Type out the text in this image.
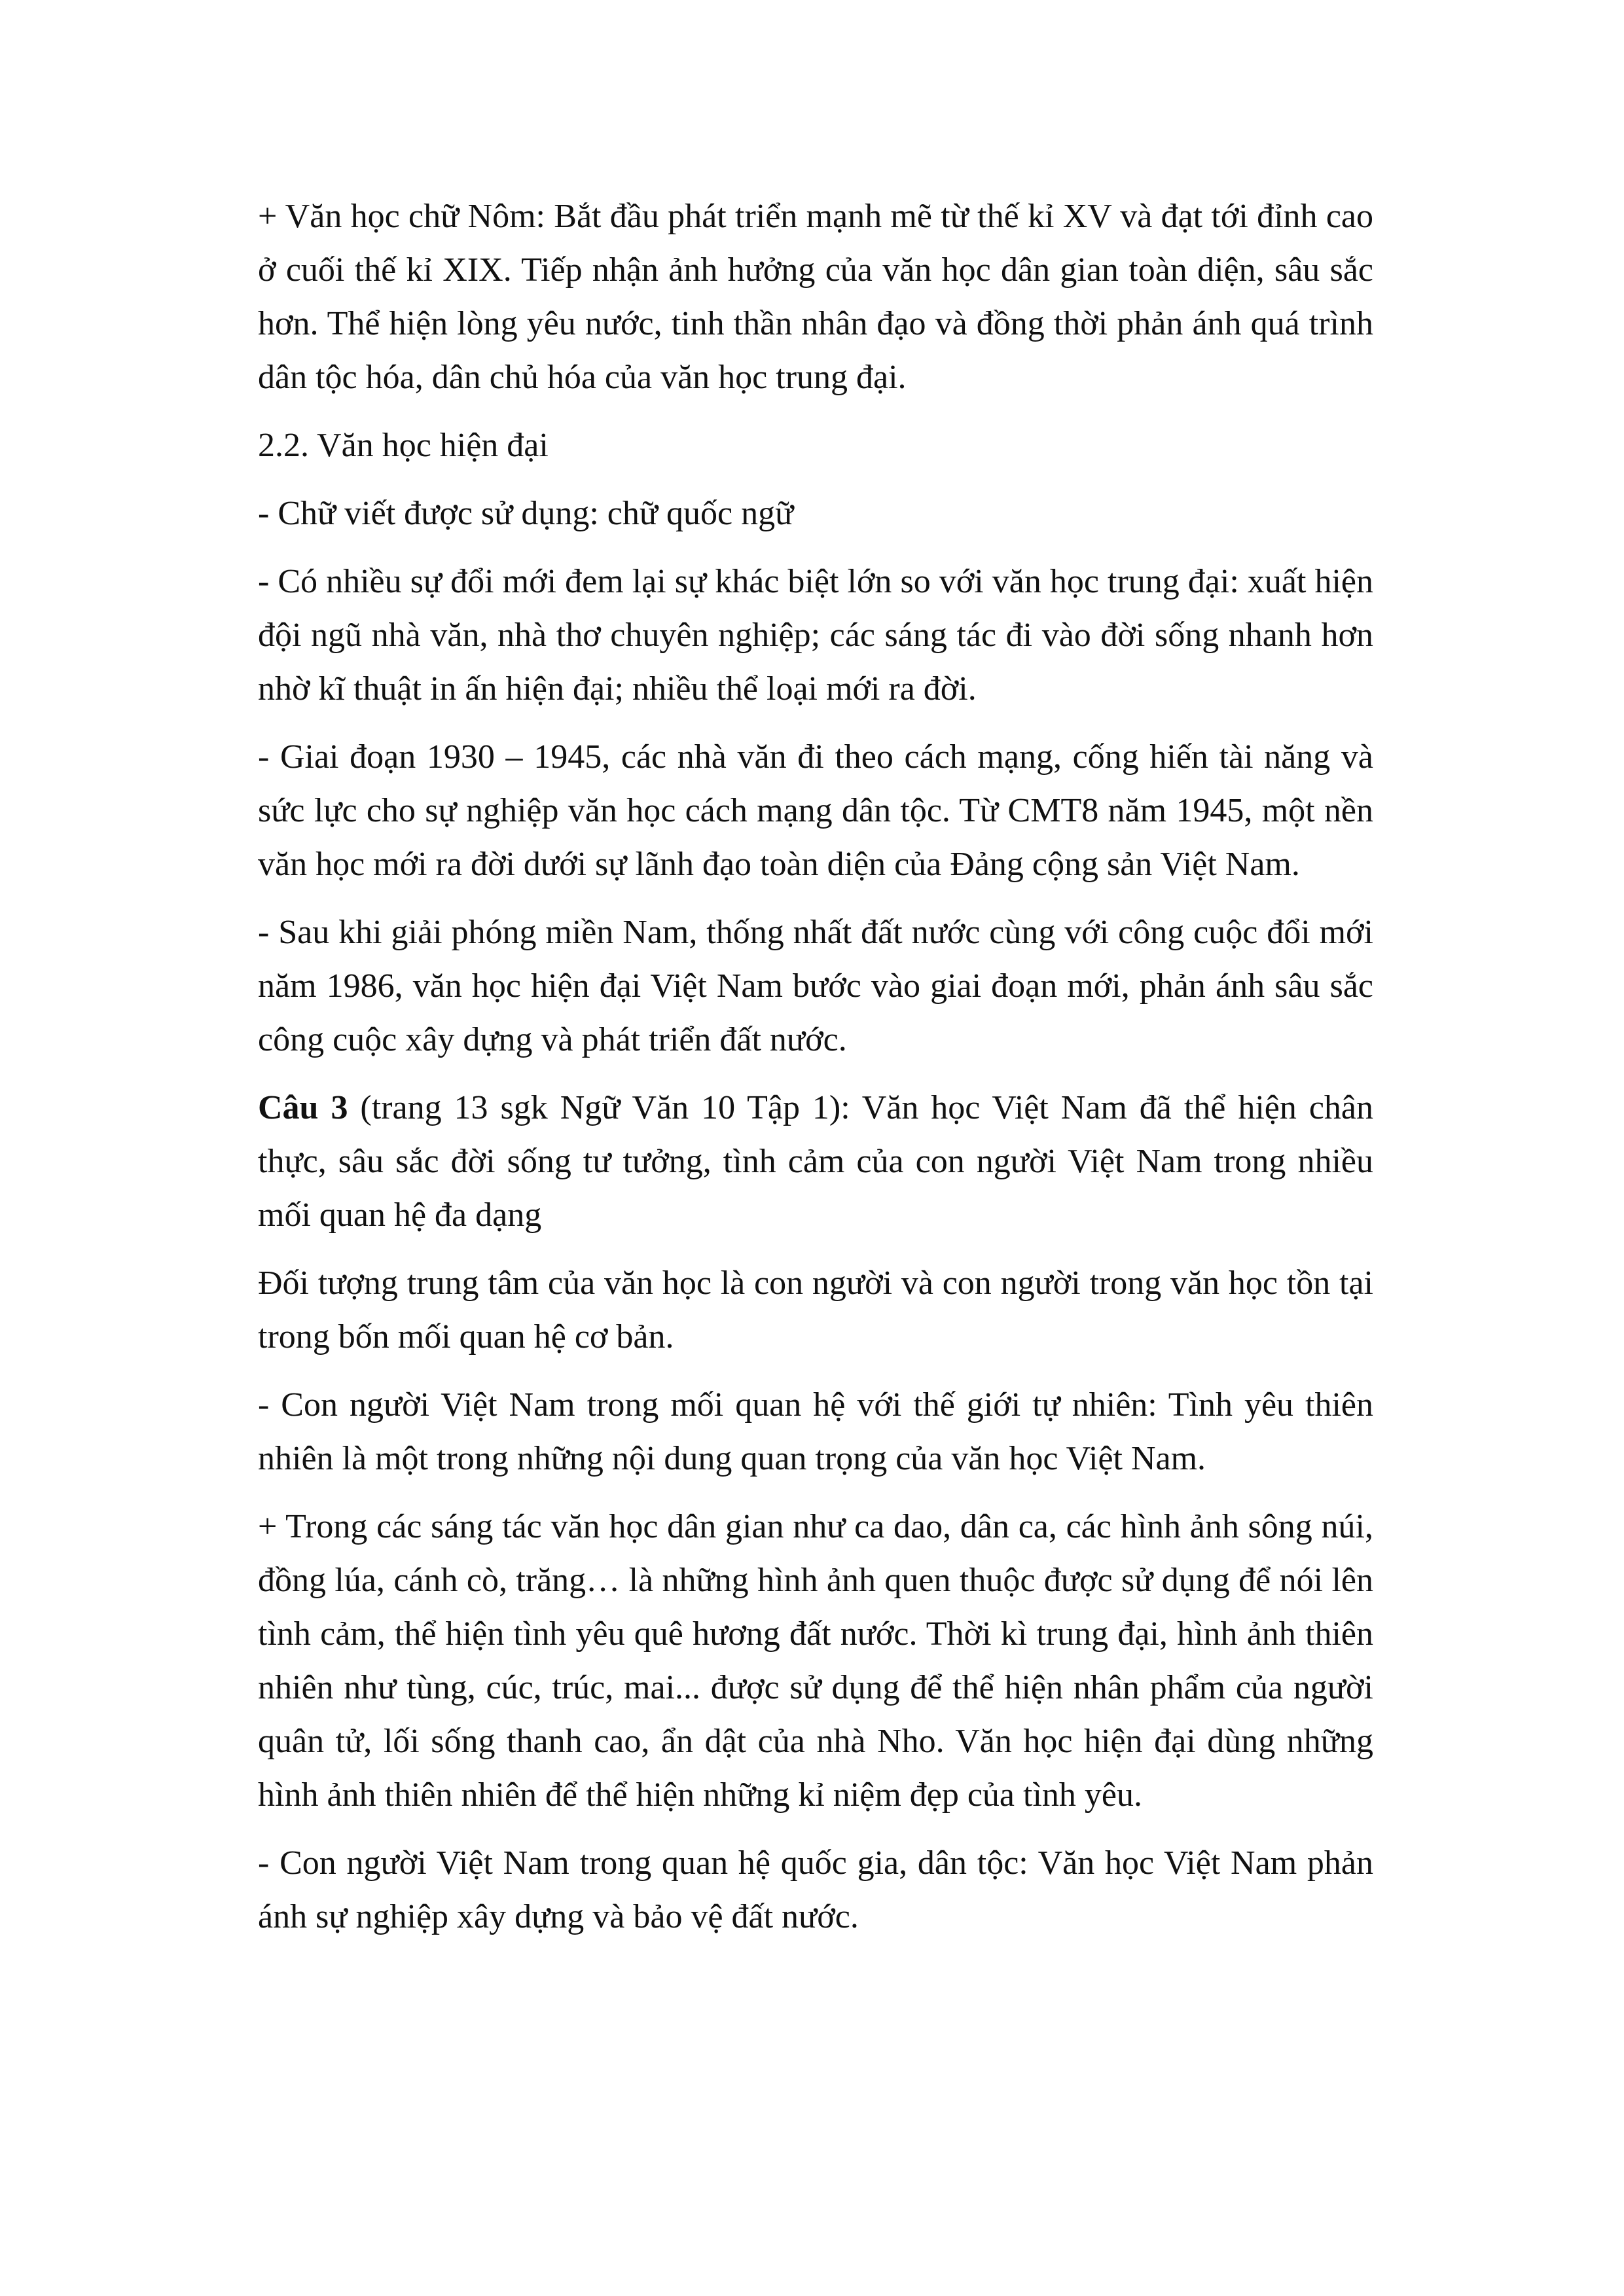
+ Văn học chữ Nôm: Bắt đầu phát triển mạnh mẽ từ thế kỉ XV và đạt tới đỉnh cao ở cuối thế kỉ XIX. Tiếp nhận ảnh hưởng của văn học dân gian toàn diện, sâu sắc hơn. Thể hiện lòng yêu nước, tinh thần nhân đạo và đồng thời phản ánh quá trình dân tộc hóa, dân chủ hóa của văn học trung đại.

2.2. Văn học hiện đại

- Chữ viết được sử dụng: chữ quốc ngữ

- Có nhiều sự đổi mới đem lại sự khác biệt lớn so với văn học trung đại: xuất hiện đội ngũ nhà văn, nhà thơ chuyên nghiệp; các sáng tác đi vào đời sống nhanh hơn nhờ kĩ thuật in ấn hiện đại; nhiều thể loại mới ra đời.

- Giai đoạn 1930 – 1945, các nhà văn đi theo cách mạng, cống hiến tài năng và sức lực cho sự nghiệp văn học cách mạng dân tộc. Từ CMT8 năm 1945, một nền văn học mới ra đời dưới sự lãnh đạo toàn diện của Đảng cộng sản Việt Nam.

- Sau khi giải phóng miền Nam, thống nhất đất nước cùng với công cuộc đổi mới năm 1986, văn học hiện đại Việt Nam bước vào giai đoạn mới, phản ánh sâu sắc công cuộc xây dựng và phát triển đất nước.

Câu 3 (trang 13 sgk Ngữ Văn 10 Tập 1): Văn học Việt Nam đã thể hiện chân thực, sâu sắc đời sống tư tưởng, tình cảm của con người Việt Nam trong nhiều mối quan hệ đa dạng

Đối tượng trung tâm của văn học là con người và con người trong văn học tồn tại trong bốn mối quan hệ cơ bản.

- Con người Việt Nam trong mối quan hệ với thế giới tự nhiên: Tình yêu thiên nhiên là một trong những nội dung quan trọng của văn học Việt Nam.

+ Trong các sáng tác văn học dân gian như ca dao, dân ca, các hình ảnh sông núi, đồng lúa, cánh cò, trăng… là những hình ảnh quen thuộc được sử dụng để nói lên tình cảm, thể hiện tình yêu quê hương đất nước. Thời kì trung đại, hình ảnh thiên nhiên như tùng, cúc, trúc, mai... được sử dụng để thể hiện nhân phẩm của người quân tử, lối sống thanh cao, ẩn dật của nhà Nho. Văn học hiện đại dùng những hình ảnh thiên nhiên để thể hiện những kỉ niệm đẹp của tình yêu.

- Con người Việt Nam trong quan hệ quốc gia, dân tộc: Văn học Việt Nam phản ánh sự nghiệp xây dựng và bảo vệ đất nước.
